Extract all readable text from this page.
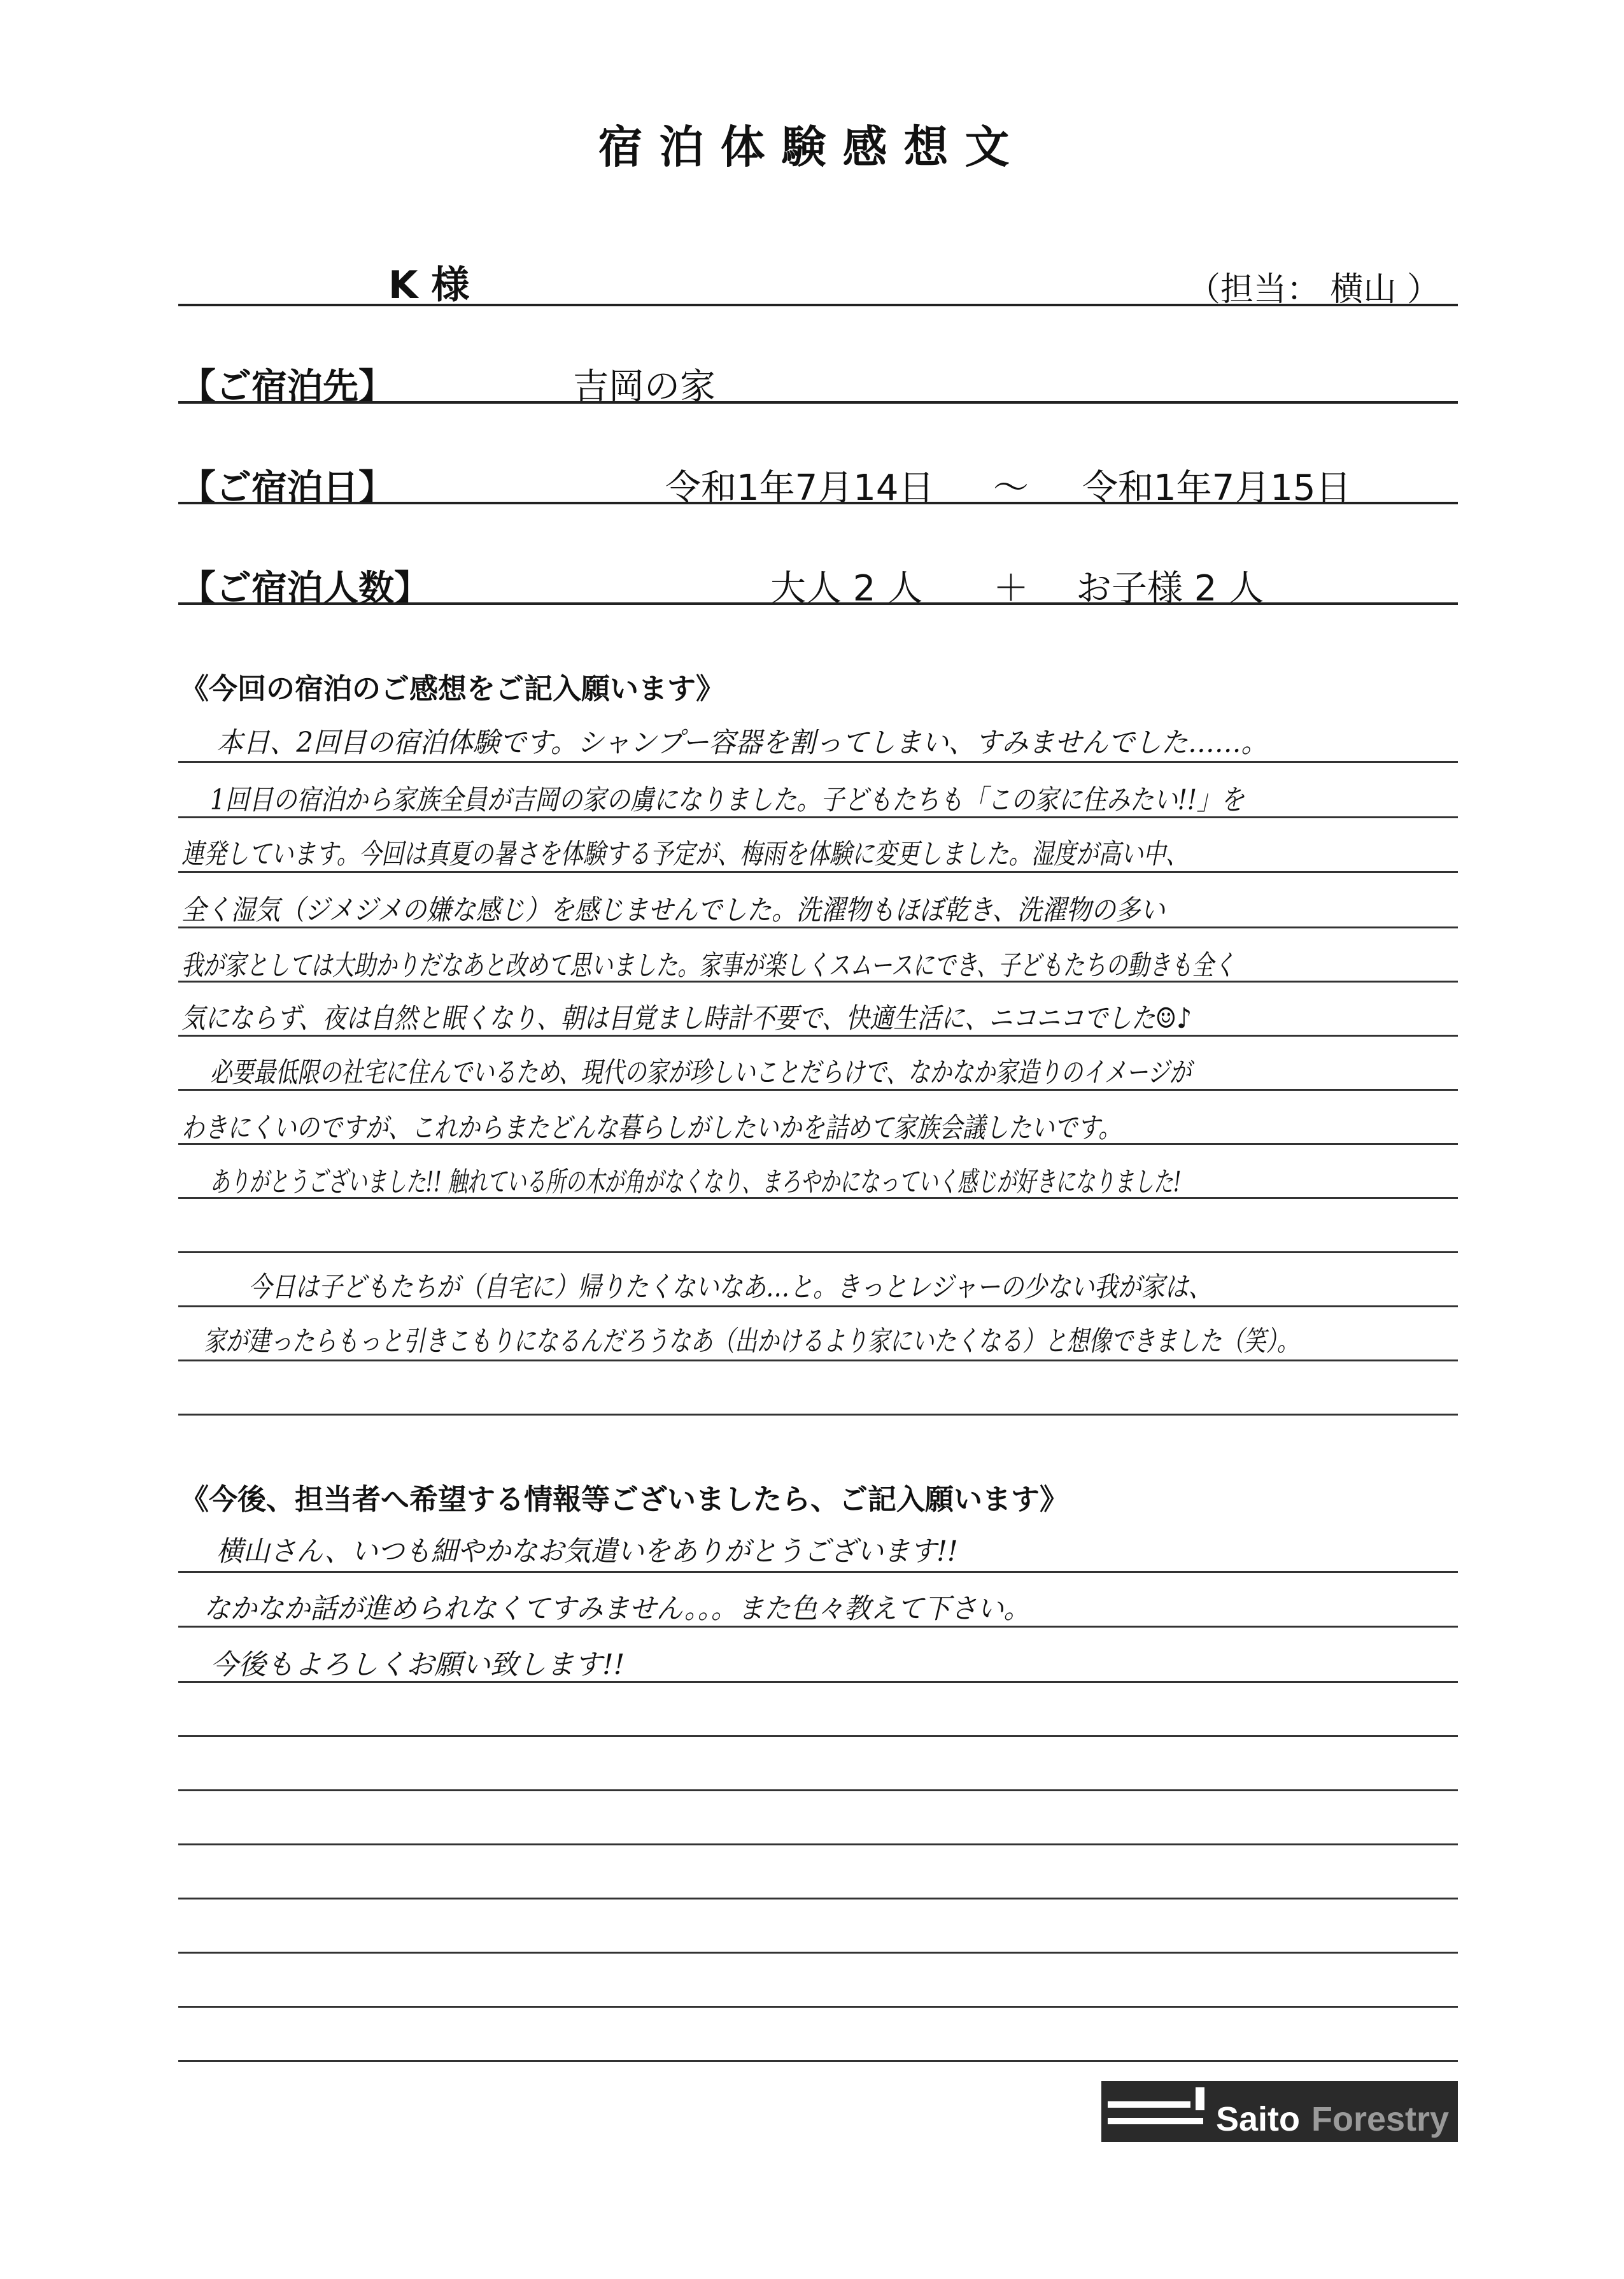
宿泊体験感想文
K 様	（担当： 横山 ）
【ご宿泊先】	吉岡の家
【ご宿泊日】	令和1年7月14日 ～ 令和1年7月15日
【ご宿泊人数】	大人 2 人 ＋ お子様 2 人
《今回の宿泊のご感想をご記入願います》
本日、2回目の宿泊体験です。シャンプー容器を割ってしまい、すみませんでした……。
1回目の宿泊から家族全員が吉岡の家の虜になりました。子どもたちも「この家に住みたい!!」を
連発しています。今回は真夏の暑さを体験する予定が、梅雨を体験に変更しました。湿度が高い中、
全く湿気（ジメジメの嫌な感じ）を感じませんでした。洗濯物もほぼ乾き、洗濯物の多い
我が家としては大助かりだなあと改めて思いました。家事が楽しくスムースにでき、子どもたちの動きも全く
気にならず、夜は自然と眠くなり、朝は目覚まし時計不要で、快適生活に、ニコニコでした☺♪
必要最低限の社宅に住んでいるため、現代の家が珍しいことだらけで、なかなか家造りのイメージが
わきにくいのですが、これからまたどんな暮らしがしたいかを詰めて家族会議したいです。
ありがとうございました!! 触れている所の木が角がなくなり、まろやかになっていく感じが好きになりました!
今日は子どもたちが（自宅に）帰りたくないなあ…と。きっとレジャーの少ない我が家は、
家が建ったらもっと引きこもりになるんだろうなあ（出かけるより家にいたくなる）と想像できました（笑）。
《今後、担当者へ希望する情報等ございましたら、ご記入願います》
横山さん、いつも細やかなお気遣いをありがとうございます!!
なかなか話が進められなくてすみません。。。また色々教えて下さい。
今後もよろしくお願い致します!!
Saito Forestry
